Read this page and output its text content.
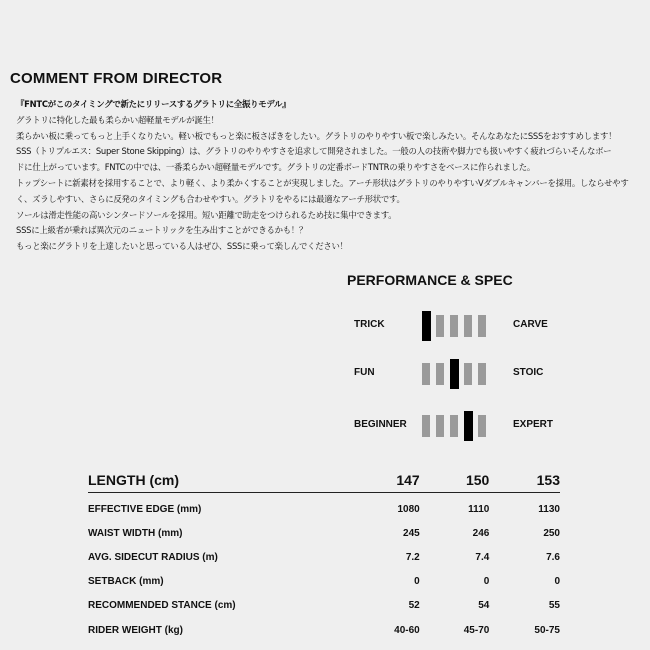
COMMENT FROM DIRECTOR
『FNTCがこのタイミングで新たにリリースするグラトリに全振りモデル』
グラトリに特化した最も柔らかい超軽量モデルが誕生！
柔らかい板に乗ってもっと上手くなりたい。軽い板でもっと楽に板さばきをしたい。グラトリのやりやすい板で楽しみたい。そんなあなたにSSSをおすすめします！
SSS（トリプルエス：Super Stone Skipping）は、グラトリのやりやすさを追求して開発されました。一般の人の技術や脚力でも扱いやすく疲れづらいそんなボー
ドに仕上がっています。FNTCの中では、一番柔らかい超軽量モデルです。グラトリの定番ボードTNTRの乗りやすさをベースに作られました。
トップシートに新素材を採用することで、より軽く、より柔かくすることが実現しました。アーチ形状はグラトリのやりやすいVダブルキャンバーを採用。しならせやす
く、ズラしやすい、さらに反発のタイミングも合わせやすい。グラトリをやるには最適なアーチ形状です。
ソールは滑走性能の高いシンタードソールを採用。短い距離で助走をつけられるため技に集中できます。
SSSに上級者が乗れば異次元のニュートリックを生み出すことができるかも！？
もっと楽にグラトリを上達したいと思っている人はぜひ、SSSに乗って楽しんでください！
PERFORMANCE & SPEC
TRICK	CARVE
FUN	STOIC
BEGINNER	EXPERT
LENGTH (cm)	147	150	153
EFFECTIVE EDGE (mm)	1080	1110	1130
WAIST WIDTH (mm)	245	246	250
AVG. SIDECUT RADIUS (m)	7.2	7.4	7.6
SETBACK (mm)	0	0	0
RECOMMENDED STANCE (cm)	52	54	55
RIDER WEIGHT (kg)	40-60	45-70	50-75
